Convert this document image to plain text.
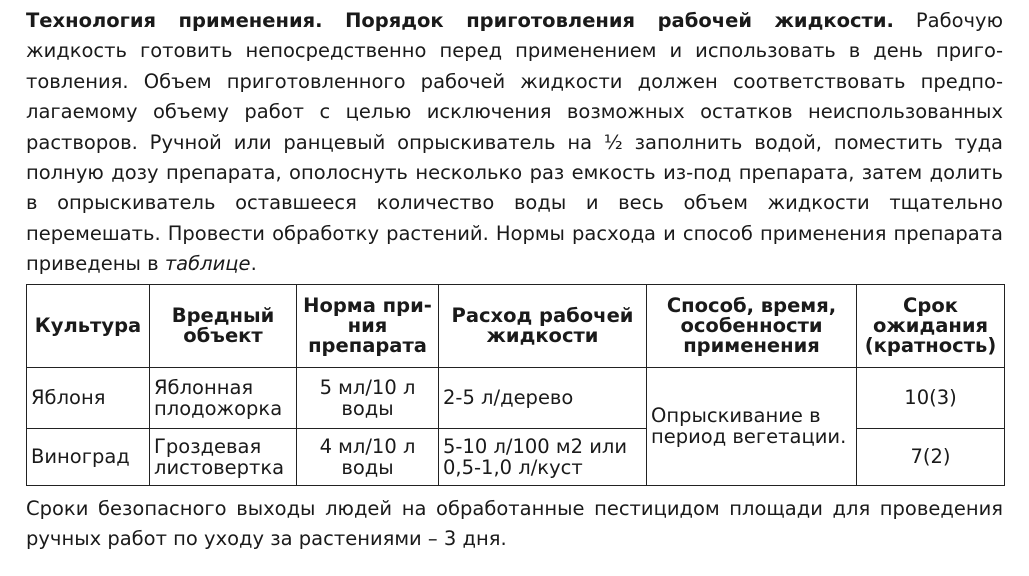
Технология применения. Порядок приготовления рабочей жидкости. Рабочую жидкость готовить непосредственно перед применением и использовать в день приготовления. Объем приготовленного рабочей жидкости должен соответствовать предполагаемому объему работ с целью исключения возможных остатков неиспользованных растворов. Ручной или ранцевый опрыскиватель на ½ заполнить водой, поместить туда полную дозу препарата, ополоснуть несколько раз емкость из-под препарата, затем долить в опрыскиватель оставшееся количество воды и весь объем жидкости тщательно перемешать. Провести обработку растений. Нормы расхода и способ применения препарата приведены в таблице.

Культура	Вредный объект	Норма при-ния препарата	Расход рабочей жидкости	Способ, время, особенности применения	Срок ожидания (кратность)
Яблоня	Яблонная плодожорка	5 мл/10 л воды	2-5 л/дерево	Опрыскивание в период вегетации.	10(3)
Виноград	Гроздевая листовертка	4 мл/10 л воды	5-10 л/100 м2 или 0,5-1,0 л/куст		7(2)

Сроки безопасного выходы людей на обработанные пестицидом площади для проведения ручных работ по уходу за растениями – 3 дня.
